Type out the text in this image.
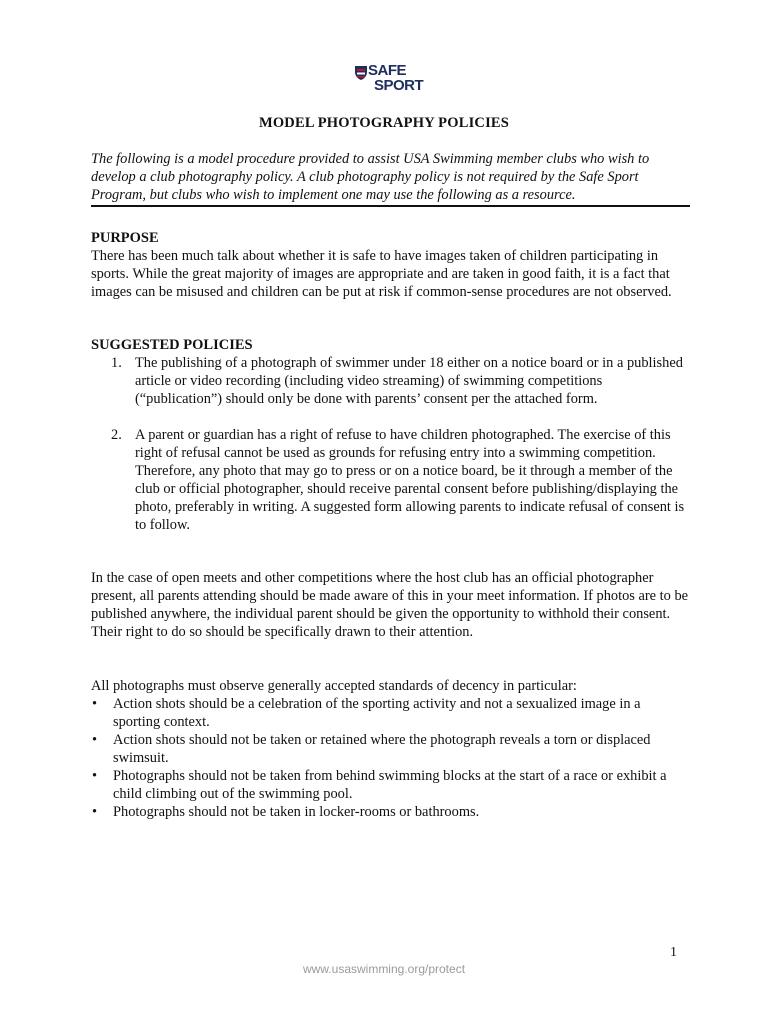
SAFE
SPORT
MODEL PHOTOGRAPHY POLICIES
The following is a model procedure provided to assist USA Swimming member clubs who wish to develop a club photography policy. A club photography policy is not required by the Safe Sport Program, but clubs who wish to implement one may use the following as a resource.
PURPOSE

There has been much talk about whether it is safe to have images taken of children participating in sports. While the great majority of images are appropriate and are taken in good faith, it is a fact that images can be misused and children can be put at risk if common-sense procedures are not observed.

SUGGESTED POLICIES
1. The publishing of a photograph of swimmer under 18 either on a notice board or in a published article or video recording (including video streaming) of swimming competitions (“publication”) should only be done with parents’ consent per the attached form.
2. A parent or guardian has a right of refuse to have children photographed. The exercise of this right of refusal cannot be used as grounds for refusing entry into a swimming competition. Therefore, any photo that may go to press or on a notice board, be it through a member of the club or official photographer, should receive parental consent before publishing/displaying the photo, preferably in writing. A suggested form allowing parents to indicate refusal of consent is to follow.

In the case of open meets and other competitions where the host club has an official photographer present, all parents attending should be made aware of this in your meet information. If photos are to be published anywhere, the individual parent should be given the opportunity to withhold their consent. Their right to do so should be specifically drawn to their attention.

All photographs must observe generally accepted standards of decency in particular:

• Action shots should be a celebration of the sporting activity and not a sexualized image in a sporting context.
• Action shots should not be taken or retained where the photograph reveals a torn or displaced swimsuit.
• Photographs should not be taken from behind swimming blocks at the start of a race or exhibit a child climbing out of the swimming pool.
• Photographs should not be taken in locker-rooms or bathrooms.
1
www.usaswimming.org/protect
